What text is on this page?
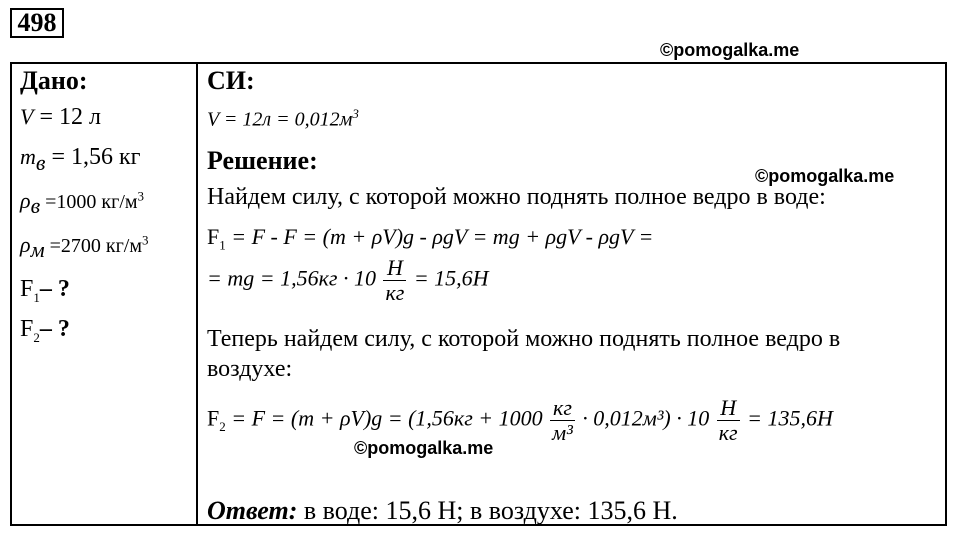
498
©pomogalka.me
Дано:
V = 12 л
$m_в = 1,56$ кг
$\rho_в =1000$ $кг/м^3$
$\rho_м =2700$ $кг/м^3$
$F_1-$ ?
$F_2-$ ?
СИ:
$V = 12л = 0,012м^3$
Решение:
©pomogalka.me
Найдем силу, с которой можно поднять полное ведро в воде:
$F_1 = F - F = (m + \rho V)g - \rho gV$ = mg + ρgV - ρgV =
= mg = $1,56кг \cdot 10 \frac{Н}{кг} = 15,6Н$
Теперь найдем силу, с которой можно поднять полное ведро в
воздухе:
$F_2 = F = (m + \rho V)g = (1,56кг + 1000 \frac{кг}{\text{м³}} \cdot 0,012м^3) \cdot 10 \frac{Н}{кг} = 135,6Н$
©pomogalka.me
Ответ: в воде: 15,6 Н; в воздухе: 135,6 Н.
